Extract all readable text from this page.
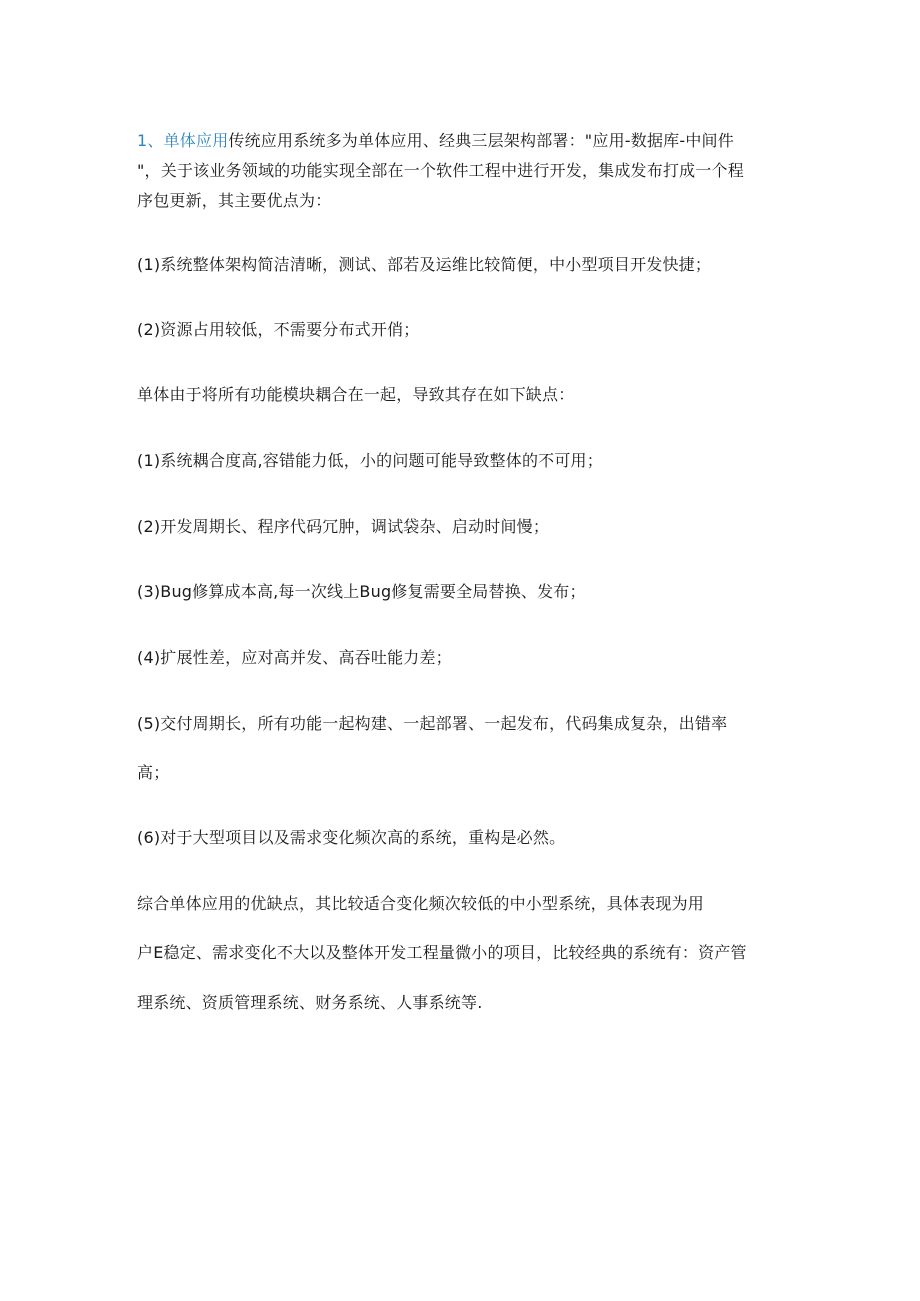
1、单体应用传统应用系统多为单体应用、经典三层架构部署："应用-数据库-中间件
"，关于该业务领域的功能实现全部在一个软件工程中进行开发，集成发布打成一个程
序包更新，其主要优点为：
(1)系统整体架构简洁清晰，测试、部若及运维比较简便，中小型项目开发快捷；
(2)资源占用较低，不需要分布式开俏；
单体由于将所有功能模块耦合在一起，导致其存在如下缺点：
(1)系统耦合度高,容错能力低，小的问题可能导致整体的不可用；
(2)开发周期长、程序代码冗肿，调试袋杂、启动时间慢；
(3)Bug修算成本高,每一次线上Bug修复需要全局替换、发布；
(4)扩展性差，应对高并发、高吞吐能力差；
(5)交付周期长，所有功能一起构建、一起部署、一起发布，代码集成复杂，出错率
高；
(6)对于大型项目以及需求变化频次高的系统，重构是必然。
综合单体应用的优缺点，其比较适合变化频次较低的中小型系统，具体表现为用
户E稳定、需求变化不大以及整体开发工程量微小的项目，比较经典的系统有：资产管
理系统、资质管理系统、财务系统、人事系统等.
